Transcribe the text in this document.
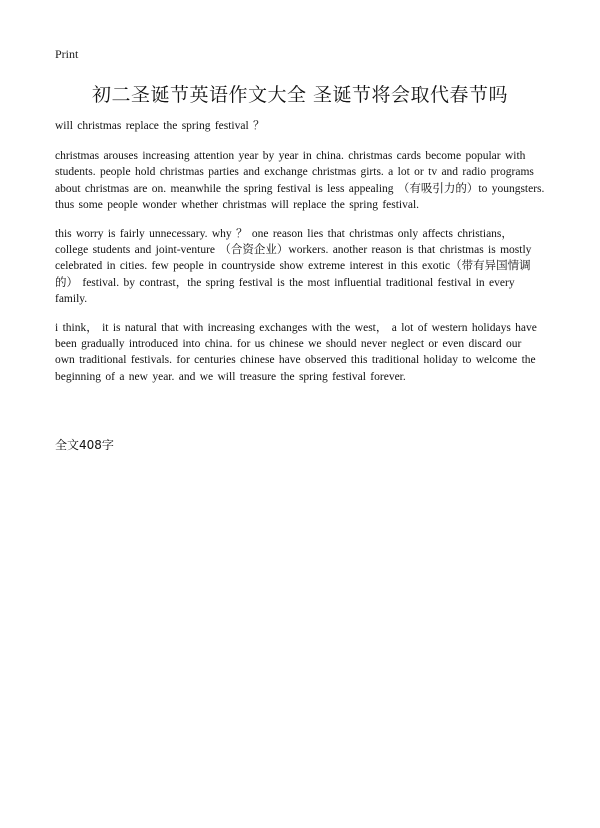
Print
初二圣诞节英语作文大全 圣诞节将会取代春节吗

will christmas replace the spring festival ？

christmas arouses increasing attention year by year in china. christmas cards become popular with students. people hold christmas parties and exchange christmas girts. a lot or tv and radio programs about christmas are on. meanwhile the spring festival is less appealing （有吸引力的）to youngsters. thus some people wonder whether christmas will replace the spring festival.

this worry is fairly unnecessary. why ？ one reason lies that christmas only affects christians， college students and joint-venture （合资企业）workers. another reason is that christmas is mostly celebrated in cities. few people in countryside show extreme interest in this exotic（带有异国情调的） festival. by contrast，the spring festival is the most influential traditional festival in every family.

i think， it is natural that with increasing exchanges with the west， a lot of western holidays have been gradually introduced into china. for us chinese we should never neglect or even discard our own traditional festivals. for centuries chinese have observed this traditional holiday to welcome the beginning of a new year. and we will treasure the spring festival forever.

全文408字
